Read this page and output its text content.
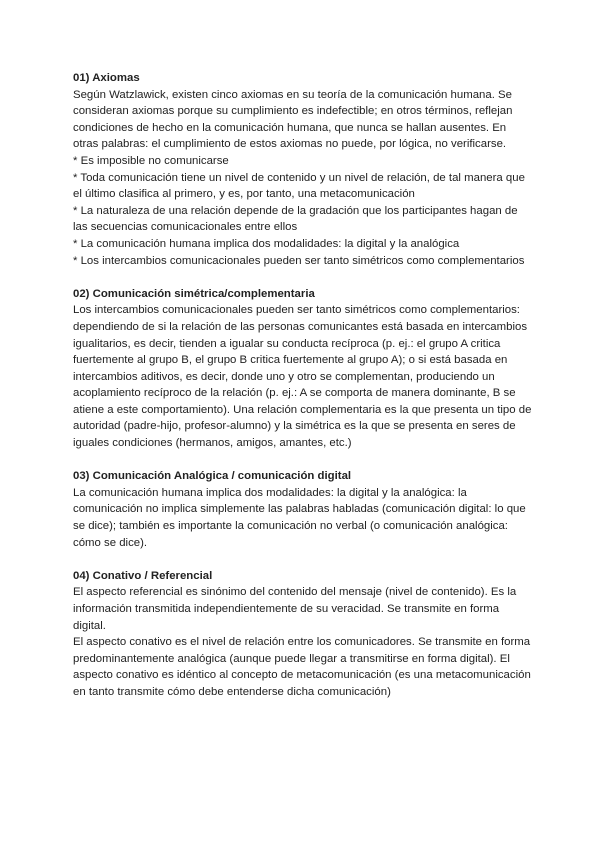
01) Axiomas

Según Watzlawick, existen cinco axiomas en su teoría de la comunicación humana. Se consideran axiomas porque su cumplimiento es indefectible; en otros términos, reflejan condiciones de hecho en la comunicación humana, que nunca se hallan ausentes. En otras palabras: el cumplimiento de estos axiomas no puede, por lógica, no verificarse.

* Es imposible no comunicarse

* Toda comunicación tiene un nivel de contenido y un nivel de relación, de tal manera que el último clasifica al primero, y es, por tanto, una metacomunicación

* La naturaleza de una relación depende de la gradación que los participantes hagan de las secuencias comunicacionales entre ellos

* La comunicación humana implica dos modalidades: la digital y la analógica

* Los intercambios comunicacionales pueden ser tanto simétricos como complementarios

02) Comunicación simétrica/complementaria

Los intercambios comunicacionales pueden ser tanto simétricos como complementarios: dependiendo de si la relación de las personas comunicantes está basada en intercambios igualitarios, es decir, tienden a igualar su conducta recíproca (p. ej.: el grupo A critica fuertemente al grupo B, el grupo B critica fuertemente al grupo A); o si está basada en intercambios aditivos, es decir, donde uno y otro se complementan, produciendo un acoplamiento recíproco de la relación (p. ej.: A se comporta de manera dominante, B se atiene a este comportamiento). Una relación complementaria es la que presenta un tipo de autoridad (padre-hijo, profesor-alumno) y la simétrica es la que se presenta en seres de iguales condiciones (hermanos, amigos, amantes, etc.)

03) Comunicación Analógica / comunicación digital

La comunicación humana implica dos modalidades: la digital y la analógica: la comunicación no implica simplemente las palabras habladas (comunicación digital: lo que se dice); también es importante la comunicación no verbal (o comunicación analógica: cómo se dice).

04) Conativo / Referencial

El aspecto referencial es sinónimo del contenido del mensaje (nivel de contenido). Es la información transmitida independientemente de su veracidad. Se transmite en forma digital.

El aspecto conativo es el nivel de relación entre los comunicadores. Se transmite en forma predominantemente analógica (aunque puede llegar a transmitirse en forma digital). El aspecto conativo es idéntico al concepto de metacomunicación (es una metacomunicación en tanto transmite cómo debe entenderse dicha comunicación)
